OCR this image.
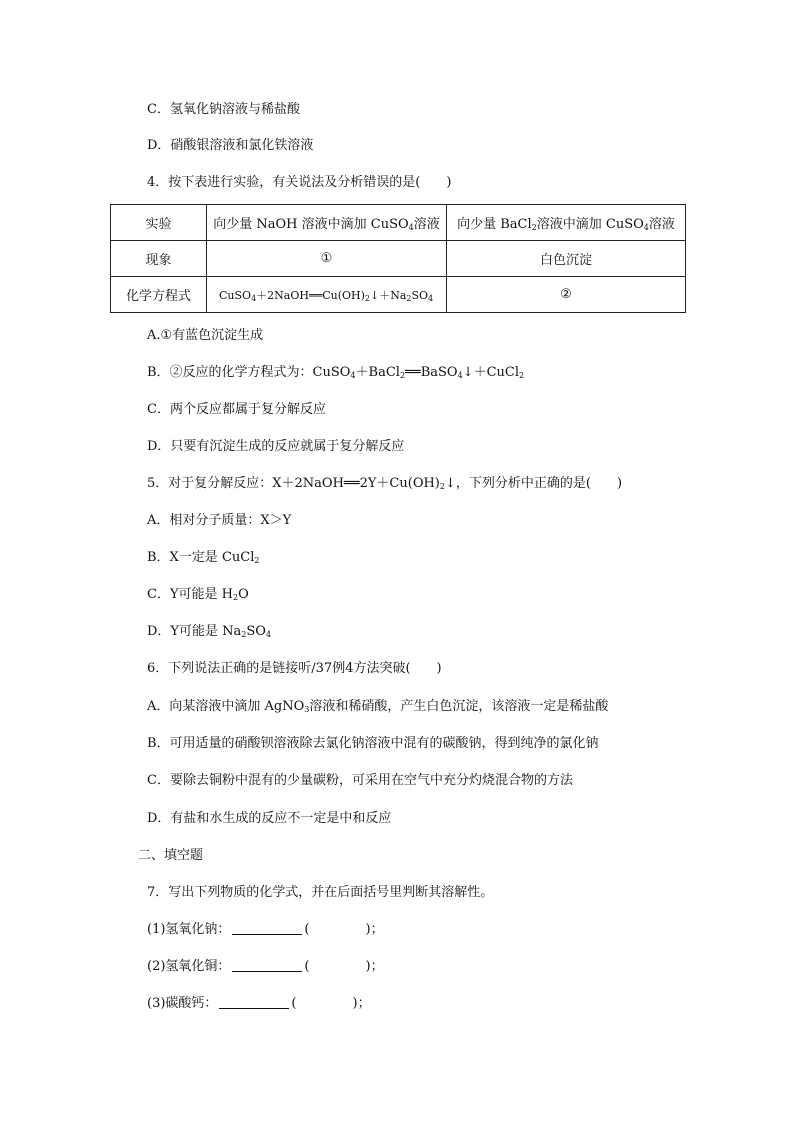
C．氢氧化钠溶液与稀盐酸
D．硝酸银溶液和氯化铁溶液
4．按下表进行实验，有关说法及分析错误的是(　　)
实验	向少量 NaOH 溶液中滴加 CuSO$_4$溶液	向少量 BaCl$_2$溶液中滴加 CuSO$_4$溶液
现象	①	白色沉淀
化学方程式	$CuSO_4+2NaOH══Cu(OH)_2↓+Na_2SO_4$	②
A.①有蓝色沉淀生成
B．②反应的化学方程式为：CuSO$_4$＋BaCl$_2$══BaSO$_4$↓＋CuCl$_2$
C．两个反应都属于复分解反应
D．只要有沉淀生成的反应就属于复分解反应
5．对于复分解反应：$X+2NaOH══2Y+Cu(OH)_2↓$，下列分析中正确的是(　　)
A．相对分子质量：X＞Y
B．X一定是 CuCl$_2$
C．Y可能是 $H_2O$
D．Y可能是 $Na_2SO_4$
6．下列说法正确的是链接听/37例4方法突破(　　)
A．向某溶液中滴加 AgNO$_3$溶液和稀硝酸，产生白色沉淀，该溶液一定是稀盐酸
B．可用适量的硝酸钡溶液除去氯化钠溶液中混有的碳酸钠，得到纯净的氯化钠
C．要除去铜粉中混有的少量碳粉，可采用在空气中充分灼烧混合物的方法
D．有盐和水生成的反应不一定是中和反应
二、填空题
7．写出下列物质的化学式，并在后面括号里判断其溶解性。
(1)氢氧化钠：	(	)；
(2)氢氧化铜：	(	)；
(3)碳酸钙：	(	)；
